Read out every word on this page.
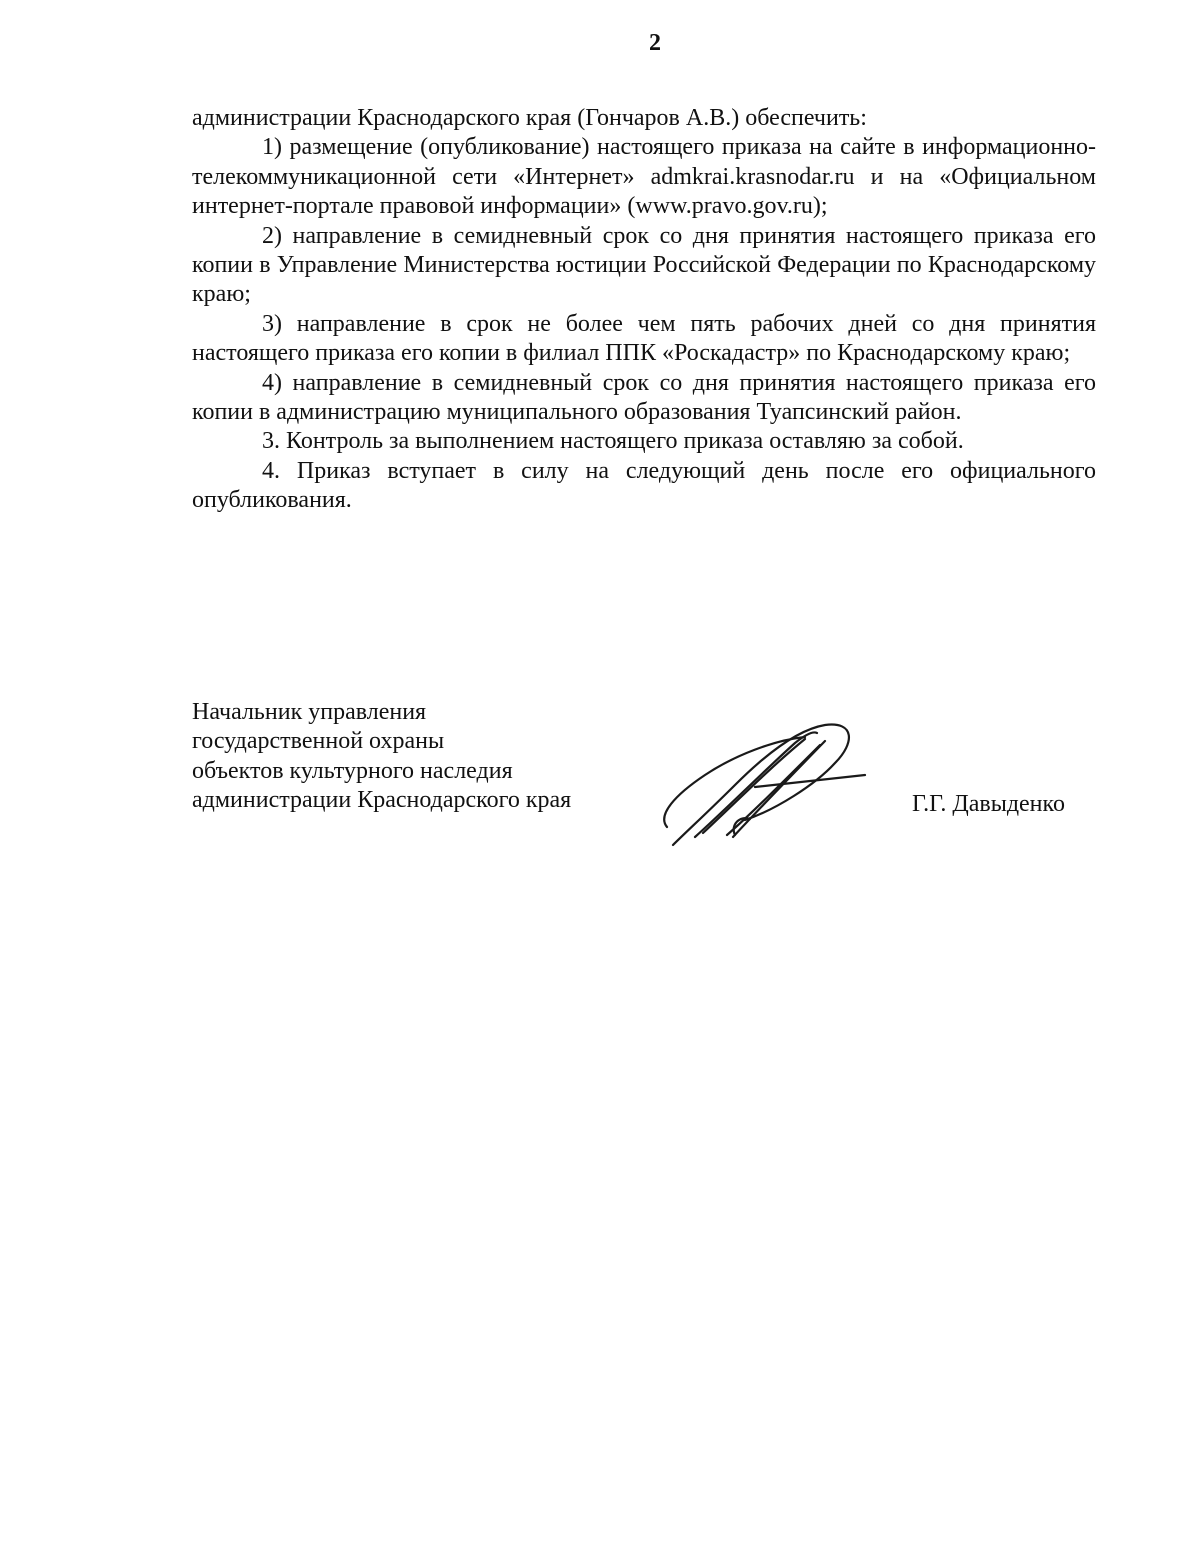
2

администрации Краснодарского края (Гончаров А.В.) обеспечить:

1) размещение (опубликование) настоящего приказа на сайте в информационно-телекоммуникационной сети «Интернет» admkrai.krasnodar.ru и на «Официальном интернет-портале правовой информации» (www.pravo.gov.ru);

2) направление в семидневный срок со дня принятия настоящего приказа его копии в Управление Министерства юстиции Российской Федерации по Краснодарскому краю;

3) направление в срок не более чем пять рабочих дней со дня принятия настоящего приказа его копии в филиал ППК «Роскадастр» по Краснодарскому краю;

4) направление в семидневный срок со дня принятия настоящего приказа его копии в администрацию муниципального образования Туапсинский район.

3. Контроль за выполнением настоящего приказа оставляю за собой.

4. Приказ вступает в силу на следующий день после его официального опубликования.

Начальник управления
государственной охраны
объектов культурного наследия
администрации Краснодарского края	Г.Г. Давыденко
